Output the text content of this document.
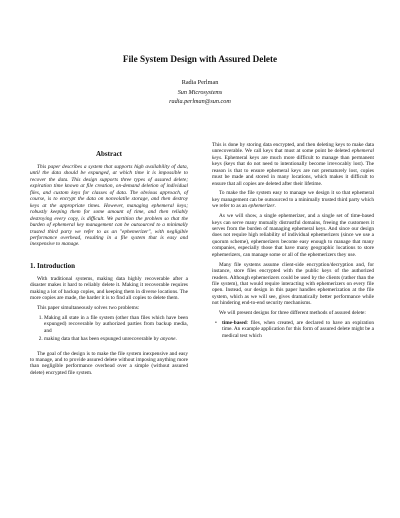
File System Design with Assured Delete
Radia Perlman
Sun Microsystems
radia.perlman@sun.com
Abstract

This paper describes a system that supports high availability of data, until the data should be expunged, at which time it is impossible to recover the data. This design supports three types of assured delete; expiration time known at file creation, on-demand deletion of individual files, and custom keys for classes of data. The obvious approach, of course, is to encrypt the data on nonvolatile storage, and then destroy keys at the appropriate times. However, managing ephemeral keys; robustly keeping them for some amount of time, and then reliably destroying every copy, is difficult. We partition the problem so that the burden of ephemeral key management can be outsourced to a minimally trusted third party we refer to as an "ephemerizer", with negligible performance overhead, resulting in a file system that is easy and inexpensive to manage.

1. Introduction

With traditional systems, making data highly recoverable after a disaster makes it hard to reliably delete it. Making it recoverable requires making a lot of backup copies, and keeping them in diverse locations. The more copies are made, the harder it is to find all copies to delete them.

This paper simultaneously solves two problems:

1. Making all state in a file system (other than files which have been expunged) recoverable by authorized parties from backup media, and
2. making data that has been expunged unrecoverable by anyone.

The goal of the design is to make the file system inexpensive and easy to manage, and to provide assured delete without imposing anything more than negligible performance overhead over a simple (without assured delete) encrypted file system.

This is done by storing data encrypted, and then deleting keys to make data unrecoverable. We call keys that must at some point be deleted ephemeral keys. Ephemeral keys are much more difficult to manage than permanent keys (keys that do not need to intentionally become irrevocably lost). The reason is that to ensure ephemeral keys are not prematurely lost, copies must be made and stored in many locations, which makes it difficult to ensure that all copies are deleted after their lifetime.

To make the file system easy to manage we design it so that ephemeral key management can be outsourced to a minimally trusted third party which we refer to as an ephemerizer.

As we will show, a single ephemerizer, and a single set of time-based keys can serve many mutually distrustful domains, freeing the customers it serves from the burden of managing ephemeral keys. And since our design does not require high reliability of individual ephemerizers (since we use a quorum scheme), ephemerizers become easy enough to manage that many companies, especially those that have many geographic locations to store ephemerizers, can manage some or all of the ephemerizers they use.

Many file systems assume client-side encryption/decryption and, for instance, store files encrypted with the public keys of the authorized readers. Although ephemerizers could be used by the clients (rather than the file system), that would require interacting with ephemerizers on every file open. Instead, our design in this paper handles ephemerization at the file system, which as we will see, gives dramatically better performance while not hindering end-to-end security mechanisms.

We will present designs for three different methods of assured delete:

• time-based: files, when created, are declared to have an expiration time. An example application for this form of assured delete might be a medical test which
